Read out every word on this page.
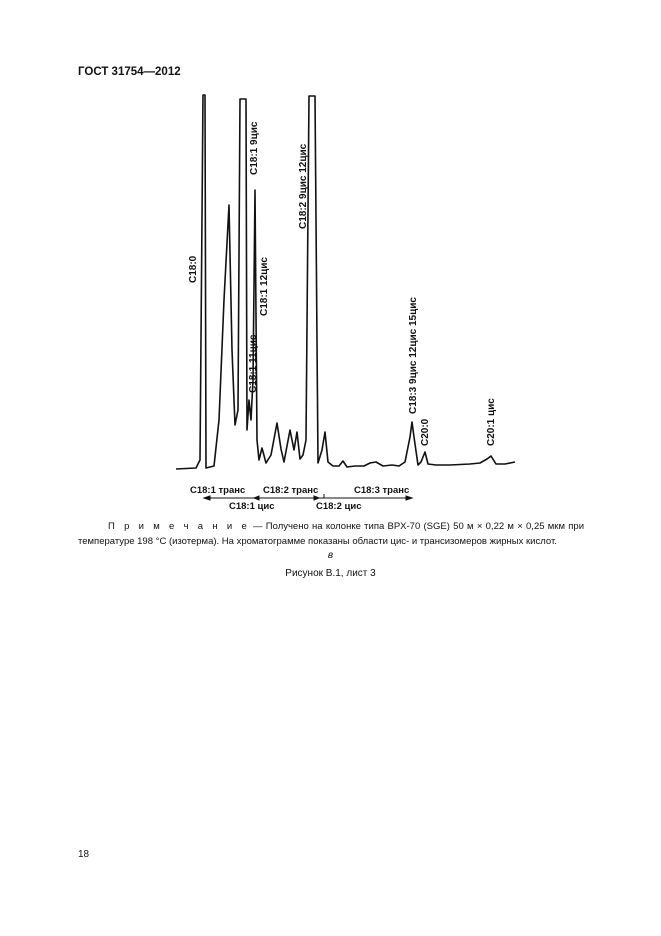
ГОСТ 31754—2012
C18:0
C18:1 9цис
C18:1 11цис
C18:1 12цис
C18:2 9цис 12цис
C18:3 9цис 12цис 15цис
C20:0	C20:1 цис
C18:1 транс C18:2 транс	C18:3 транс
C18:1 цис	C18:2 цис
П р и м е ч а н и е — Получено на колонке типа BPX-70 (SGE) 50 м × 0,22 м × 0,25 мкм при температуре 198 °С (изотерма). На хроматограмме показаны области цис- и трансизомеров жирных кислот.
в
Рисунок В.1, лист 3
18
